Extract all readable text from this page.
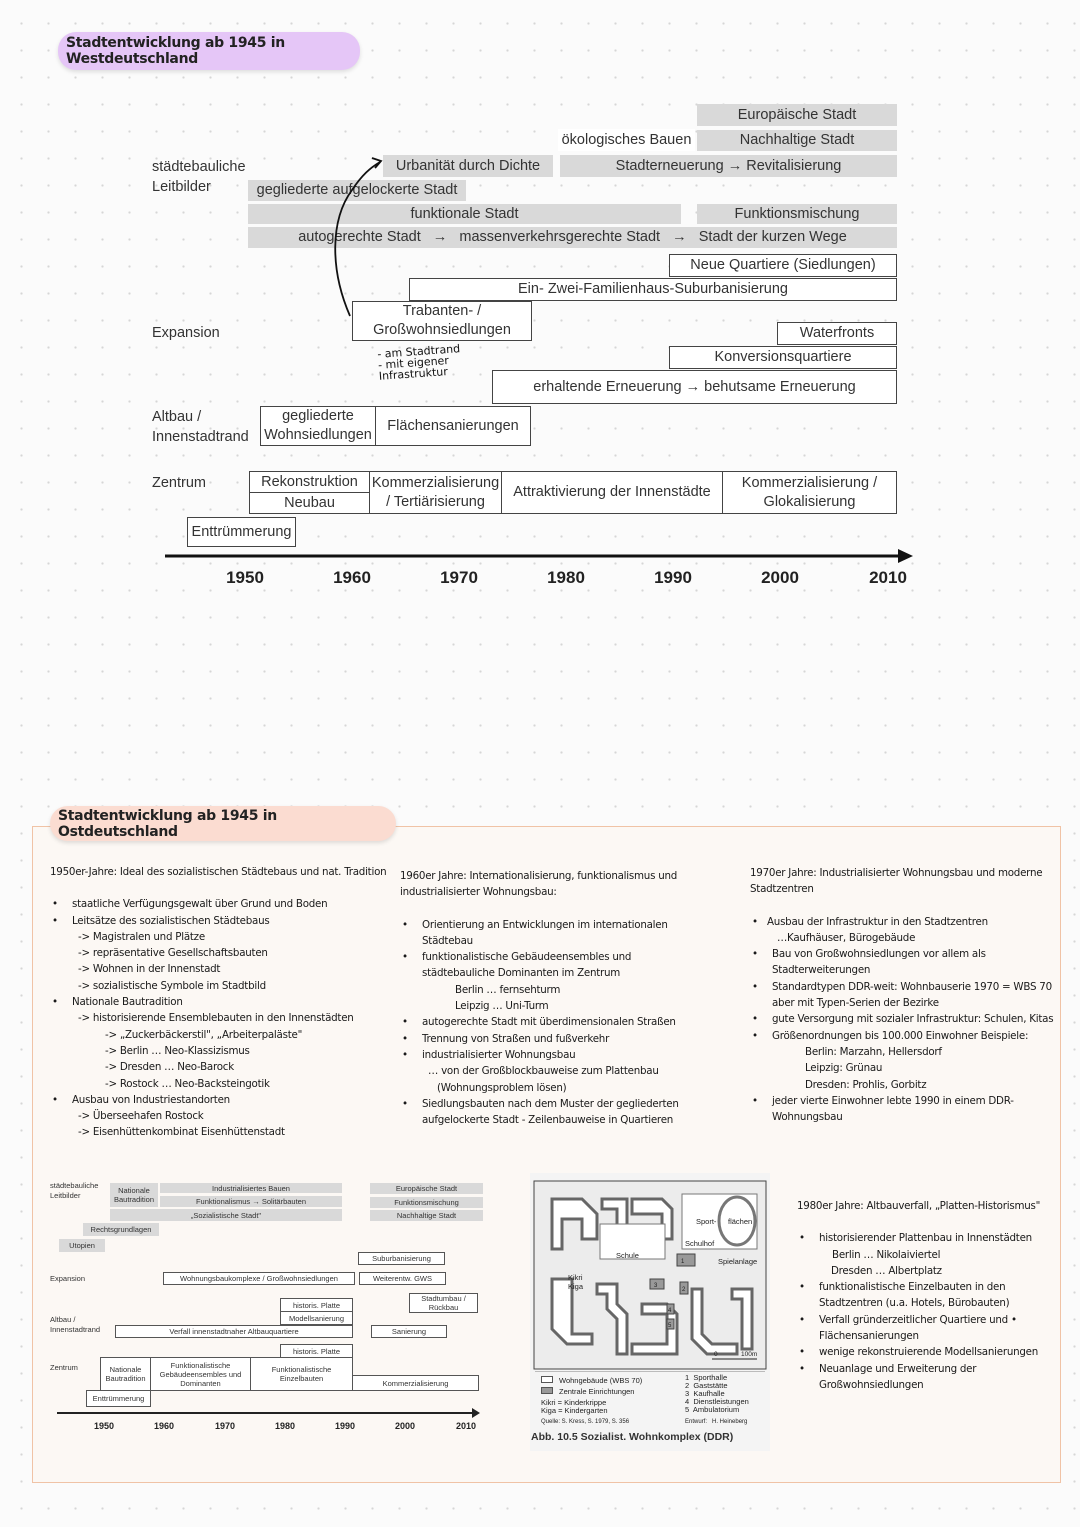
Stadtentwicklung ab 1945 in Westdeutschland
städtebauliche
Leitbilder
Expansion
Altbau /
Innenstadtrand
Zentrum
Europäische Stadt
ökologisches Bauen	Nachhaltige Stadt
Urbanität durch Dichte	Stadterneuerung → Revitalisierung
gegliederte aufgelockerte Stadt
funktionale Stadt	Funktionsmischung
autogerechte Stadt   →   massenverkehrsgerechte Stadt   →   Stadt der kurzen Wege
Neue Quartiere (Siedlungen)
Ein- Zwei-Familienhaus-Suburbanisierung
Trabanten- /
Großwohnsiedlungen	Waterfronts
Konversionsquartiere
erhaltende Erneuerung → behutsame Erneuerung
gegliederte
Wohnsiedlungen
Flächensanierungen
Rekonstruktion
Neubau
Kommerzialisierung
/ Tertiärisierung
Attraktivierung der Innenstädte
Kommerzialisierung /
Glokalisierung
Enttrümmerung
- am Stadtrand
- mit eigener
Infrastruktur
1950	1960	1970	1980	1990	2000	2010
Stadtentwicklung ab 1945 in Ostdeutschland
1950er-Jahre: Ideal des sozialistischen Städtebaus und nat. Tradition
• staatliche Verfügungsgewalt über Grund und Boden
• Leitsätze des sozialistischen Städtebaus
-> Magistralen und Plätze
-> repräsentative Gesellschaftsbauten
-> Wohnen in der Innenstadt
-> sozialistische Symbole im Stadtbild
• Nationale Bautradition
-> historisierende Ensemblebauten in den Innenstädten
-> „Zuckerbäckerstil", „Arbeiterpaläste"
-> Berlin … Neo-Klassizismus
-> Dresden … Neo-Barock
-> Rostock … Neo-Backsteingotik
• Ausbau von Industriestandorten
-> Überseehafen Rostock
-> Eisenhüttenkombinat Eisenhüttenstadt
1960er Jahre: Internationalisierung, funktionalismus und industrialisierter Wohnungsbau:
• Orientierung an Entwicklungen im internationalen Städtebau
• funktionalistische Gebäudeensembles und städtebauliche Dominanten im Zentrum
Berlin … fernsehturm
Leipzig … Uni-Turm
• autogerechte Stadt mit überdimensionalen Straßen
• Trennung von Straßen und fußverkehr
• industrialisierter Wohnungsbau
… von der Großblockbauweise zum Plattenbau
(Wohnungsproblem lösen)
• Siedlungsbauten nach dem Muster der gegliederten aufgelockerte Stadt - Zeilenbauweise in Quartieren
1970er Jahre: Industrialisierter Wohnungsbau und moderne Stadtzentren
• Ausbau der Infrastruktur in den Stadtzentren
…Kaufhäuser, Bürogebäude
• Bau von Großwohnsiedlungen vor allem als Stadterweiterungen
• Standardtypen DDR-weit: Wohnbauserie 1970 = WBS 70 aber mit Typen-Serien der Bezirke
• gute Versorgung mit sozialer Infrastruktur: Schulen, Kitas
• Größenordnungen bis 100.000 Einwohner Beispiele:
Berlin: Marzahn, Hellersdorf
Leipzig: Grünau
Dresden: Prohlis, Gorbitz
• jeder vierte Einwohner lebte 1990 in einem DDR-Wohnungsbau
1980er Jahre: Altbauverfall, „Platten-Historismus"
• historisierender Plattenbau in Innenstädten
Berlin … Nikolaiviertel
Dresden … Albertplatz
• funktionalistische Einzelbauten in den Stadtzentren (u.a. Hotels, Bürobauten)
• Verfall gründerzeitlicher Quartiere und • Flächensanierungen
• wenige rekonstruierende Modellsanierungen
• Neuanlage und Erweiterung der Großwohnsiedlungen
städtebauliche
Leitbilder
Expansion
Altbau /
Innenstadtrand
Zentrum
Nationale
Bautradition
Industrialisiertes Bauen
Funktionalismus → Solitärbauten
„Sozialistische Stadt"
Rechtsgrundlagen
Utopien
Europäische Stadt
Funktionsmischung
Nachhaltige Stadt
Suburbanisierung
Wohnungsbaukomplexe / Großwohnsiedlungen	Weiterentw. GWS
historis. Platte
Modellsanierung
Stadtumbau /
Rückbau
Verfall innenstadtnaher Altbauquartiere	Sanierung
historis. Platte
Nationale
Bautradition
Funktionalistische
Gebäudeensembles und
Dominanten
Funktionalistische
Einzelbauten	Kommerzialisierung
Enttrümmerung
1950	1960	1970	1980	1990	2000	2010
1
2
3
4
5
Sport- flächen
Schulhof
Schule
Spielanlage
Kikri
Kiga
0	100m
Wohngebäude (WBS 70)
Zentrale Einrichtungen
Kikri = Kinderkrippe
Kiga = Kindergarten
1  Sporthalle
2  Gaststätte
3  Kaufhalle
4  Dienstleistungen
5  Ambulatorium
Quelle: S. Kress, S. 1979, S. 356	Entwurf:   H. Heineberg
Abb. 10.5 Sozialist. Wohnkomplex (DDR)
